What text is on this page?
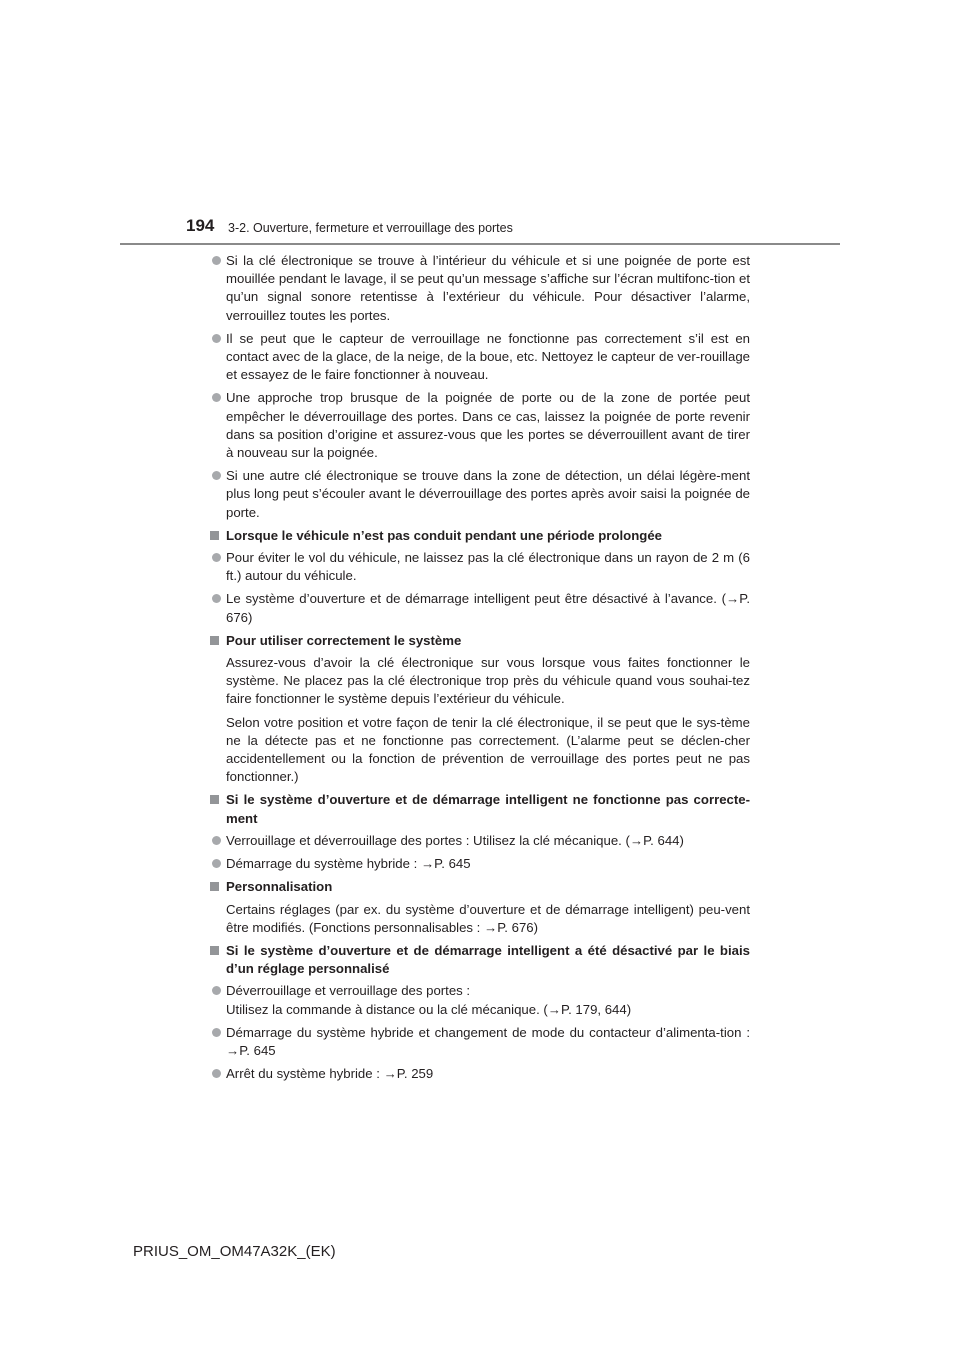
194 3-2. Ouverture, fermeture et verrouillage des portes
Si la clé électronique se trouve à l’intérieur du véhicule et si une poignée de porte est mouillée pendant le lavage, il se peut qu’un message s’affiche sur l’écran multifonc-tion et qu’un signal sonore retentisse à l’extérieur du véhicule. Pour désactiver l’alarme, verrouillez toutes les portes.
Il se peut que le capteur de verrouillage ne fonctionne pas correctement s’il est en contact avec de la glace, de la neige, de la boue, etc. Nettoyez le capteur de ver-rouillage et essayez de le faire fonctionner à nouveau.
Une approche trop brusque de la poignée de porte ou de la zone de portée peut empêcher le déverrouillage des portes. Dans ce cas, laissez la poignée de porte revenir dans sa position d’origine et assurez-vous que les portes se déverrouillent avant de tirer à nouveau sur la poignée.
Si une autre clé électronique se trouve dans la zone de détection, un délai légère-ment plus long peut s’écouler avant le déverrouillage des portes après avoir saisi la poignée de porte.
Lorsque le véhicule n’est pas conduit pendant une période prolongée
Pour éviter le vol du véhicule, ne laissez pas la clé électronique dans un rayon de 2 m (6 ft.) autour du véhicule.
Le système d’ouverture et de démarrage intelligent peut être désactivé à l’avance. (→P. 676)
Pour utiliser correctement le système
Assurez-vous d’avoir la clé électronique sur vous lorsque vous faites fonctionner le système. Ne placez pas la clé électronique trop près du véhicule quand vous souhai-tez faire fonctionner le système depuis l’extérieur du véhicule.
Selon votre position et votre façon de tenir la clé électronique, il se peut que le sys-tème ne la détecte pas et ne fonctionne pas correctement. (L’alarme peut se déclen-cher accidentellement ou la fonction de prévention de verrouillage des portes peut ne pas fonctionner.)
Si le système d’ouverture et de démarrage intelligent ne fonctionne pas correcte-ment
Verrouillage et déverrouillage des portes : Utilisez la clé mécanique. (→P. 644)
Démarrage du système hybride : →P. 645
Personnalisation
Certains réglages (par ex. du système d’ouverture et de démarrage intelligent) peu-vent être modifiés. (Fonctions personnalisables : →P. 676)
Si le système d’ouverture et de démarrage intelligent a été désactivé par le biais d’un réglage personnalisé
Déverrouillage et verrouillage des portes :
Utilisez la commande à distance ou la clé mécanique. (→P. 179, 644)
Démarrage du système hybride et changement de mode du contacteur d’alimenta-tion : →P. 645
Arrêt du système hybride : →P. 259
PRIUS_OM_OM47A32K_(EK)
